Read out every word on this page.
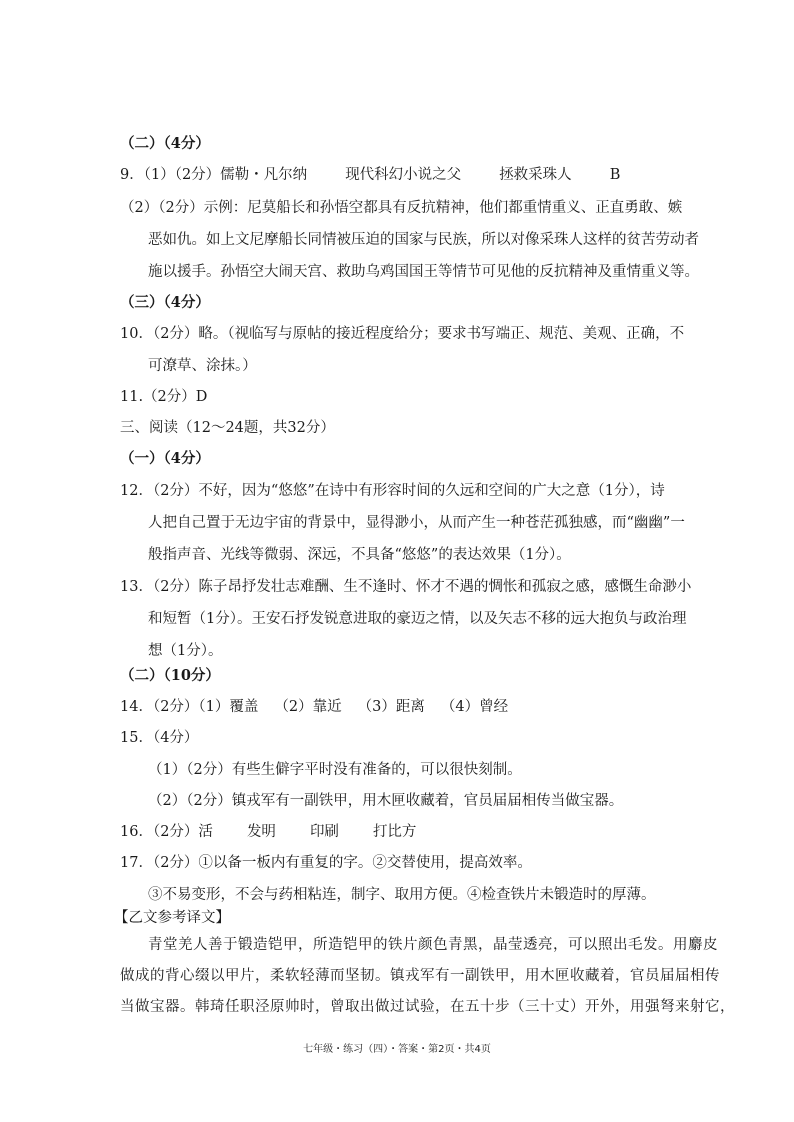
（二）（4分）
9．（1）（2分）儒勒・凡尔纳	现代科幻小说之父	拯救采珠人	B
（2）（2分）示例：尼莫船长和孙悟空都具有反抗精神，他们都重情重义、正直勇敢、嫉
恶如仇。如上文尼摩船长同情被压迫的国家与民族，所以对像采珠人这样的贫苦劳动者
施以援手。孙悟空大闹天宫、救助乌鸡国国王等情节可见他的反抗精神及重情重义等。
（三）（4分）
10．（2分）略。（视临写与原帖的接近程度给分；要求书写端正、规范、美观、正确，不
可潦草、涂抹。）
11.（2分）D
三、阅读（12～24题，共32分）
（一）（4分）
12．（2分）不好，因为“悠悠”在诗中有形容时间的久远和空间的广大之意（1分），诗
人把自己置于无边宇宙的背景中，显得渺小，从而产生一种苍茫孤独感，而“幽幽”一
般指声音、光线等微弱、深远，不具备“悠悠”的表达效果（1分）。
13．（2分）陈子昂抒发壮志难酬、生不逢时、怀才不遇的惆怅和孤寂之感，感慨生命渺小
和短暂（1分）。王安石抒发锐意进取的豪迈之情，以及矢志不移的远大抱负与政治理
想（1分）。
（二）（10分）
14．（2分）（1）覆盖 （2）靠近 （3）距离 （4）曾经
15．（4分）
（1）（2分）有些生僻字平时没有准备的，可以很快刻制。
（2）（2分）镇戎军有一副铁甲，用木匣收藏着，官员届届相传当做宝器。
16．（2分）活 发明 印刷 打比方
17．（2分）①以备一板内有重复的字。②交替使用，提高效率。
③不易变形，不会与药相粘连，制字、取用方便。④检查铁片未锻造时的厚薄。
【乙文参考译文】
青堂羌人善于锻造铠甲，所造铠甲的铁片颜色青黑，晶莹透亮，可以照出毛发。用麝皮
做成的背心缀以甲片，柔软轻薄而坚韧。镇戎军有一副铁甲，用木匣收藏着，官员届届相传
当做宝器。韩琦任职泾原帅时，曾取出做过试验，在五十步（三十丈）开外，用强弩来射它，
七年级・练习（四）・答案・第2页・共4页
